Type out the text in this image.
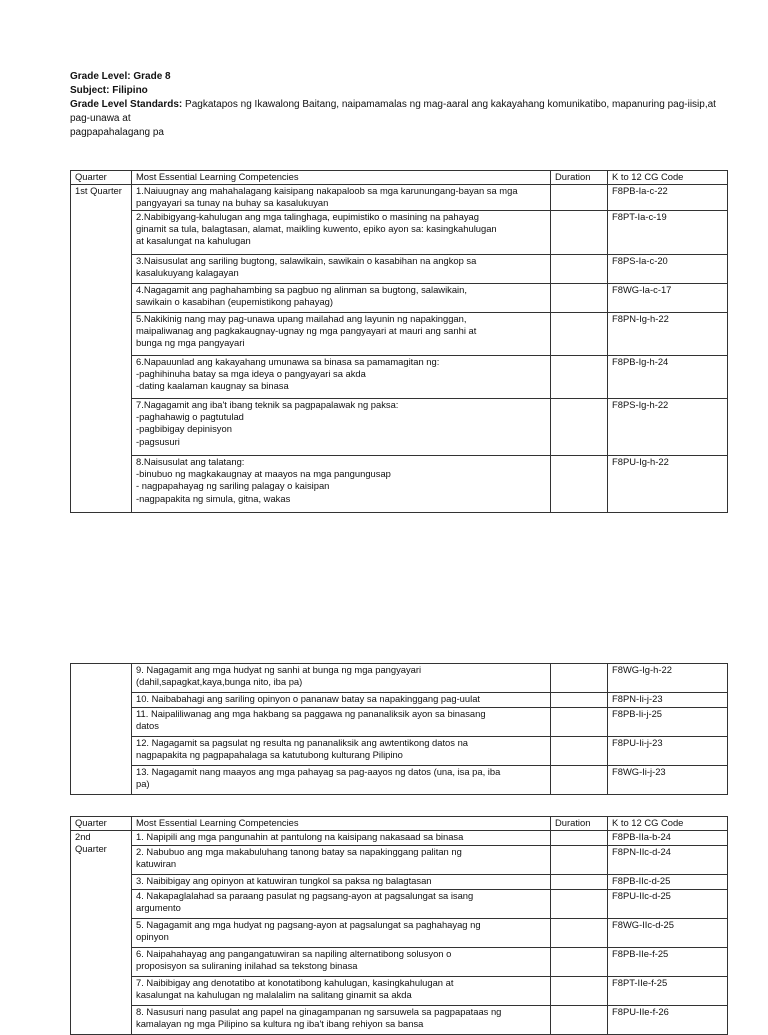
Grade Level: Grade 8

Subject: Filipino

Grade Level Standards: Pagkatapos ng Ikawalong Baitang, naipamamalas ng mag-aaral ang kakayahang komunikatibo, mapanuring pag-iisip,at pag-unawa at

pagpapahalagang pa

Quarter	Most Essential Learning Competencies	Duration	K to 12 CG Code

1st Quarter	1.Naiuugnay ang mahahalagang kaisipang nakapaloob sa mga karunungang-bayan sa mga
pangyayari sa tunay na buhay sa kasalukuyan		F8PB-Ia-c-22

	2.Nabibigyang-kahulugan ang mga talinghaga, eupimistiko o masining na pahayag
ginamit sa tula, balagtasan, alamat, maikling kuwento, epiko ayon sa: kasingkahulugan
at kasalungat na kahulugan		F8PT-Ia-c-19

	3.Naisusulat ang sariling bugtong, salawikain, sawikain o kasabihan na angkop sa
kasalukuyang kalagayan		F8PS-Ia-c-20

	4.Nagagamit ang paghahambing sa pagbuo ng alinman sa bugtong, salawikain,
sawikain o kasabihan (eupemistikong pahayag)		F8WG-Ia-c-17

	5.Nakikinig nang may pag-unawa upang mailahad ang layunin ng napakinggan,
maipaliwanag ang pagkakaugnay-ugnay ng mga pangyayari at mauri ang sanhi at
bunga ng mga pangyayari		F8PN-Ig-h-22

	6.Napauunlad ang kakayahang umunawa sa binasa sa pamamagitan ng:
-paghihinuha batay sa mga ideya o pangyayari sa akda
-dating kaalaman kaugnay sa binasa		F8PB-Ig-h-24

	7.Nagagamit ang iba't ibang teknik sa pagpapalawak ng paksa:
-paghahawig o pagtutulad
-pagbibigay depinisyon
-pagsusuri		F8PS-Ig-h-22

	8.Naisusulat ang talatang:
-binubuo ng magkakaugnay at maayos na mga pangungusap
- nagpapahayag ng sariling palagay o kaisipan
-nagpapakita ng simula, gitna, wakas		F8PU-Ig-h-22

	9. Nagagamit ang mga hudyat ng sanhi at bunga ng mga pangyayari
(dahil,sapagkat,kaya,bunga nito, iba pa)		F8WG-Ig-h-22

	10. Naibabahagi ang sariling opinyon o pananaw batay sa napakinggang pag-uulat		F8PN-Ii-j-23

	11. Naipaliliwanag ang mga hakbang sa paggawa ng pananaliksik ayon sa binasang
datos		F8PB-Ii-j-25

	12. Nagagamit sa pagsulat ng resulta ng pananaliksik ang awtentikong datos na
nagpapakita ng pagpapahalaga sa katutubong kulturang Pilipino		F8PU-Ii-j-23

	13. Nagagamit nang maayos ang mga pahayag sa pag-aayos ng datos (una, isa pa, iba
pa)		F8WG-Ii-j-23
Quarter	Most Essential Learning Competencies	Duration	K to 12 CG Code

2nd
Quarter	1. Napipili ang mga pangunahin at pantulong na kaisipang nakasaad sa binasa		F8PB-IIa-b-24

	2. Nabubuo ang mga makabuluhang tanong batay sa napakinggang palitan ng
katuwiran		F8PN-IIc-d-24

	3. Naibibigay ang opinyon at katuwiran tungkol sa paksa ng balagtasan		F8PB-IIc-d-25

	4. Nakapaglalahad sa paraang pasulat ng pagsang-ayon at pagsalungat sa isang
argumento		F8PU-IIc-d-25

	5. Nagagamit ang mga hudyat ng pagsang-ayon at pagsalungat sa paghahayag ng
opinyon		F8WG-IIc-d-25

	6. Naipahahayag ang pangangatuwiran sa napiling alternatibong solusyon o
proposisyon sa suliraning inilahad sa tekstong binasa		F8PB-IIe-f-25

	7. Naibibigay ang denotatibo at konotatibong kahulugan, kasingkahulugan at
kasalungat na kahulugan ng malalalim na salitang ginamit sa akda		F8PT-IIe-f-25

	8. Nasusuri nang pasulat ang papel na ginagampanan ng sarsuwela sa pagpapataas ng
kamalayan ng mga Pilipino sa kultura ng iba't ibang rehiyon sa bansa		F8PU-IIe-f-26
